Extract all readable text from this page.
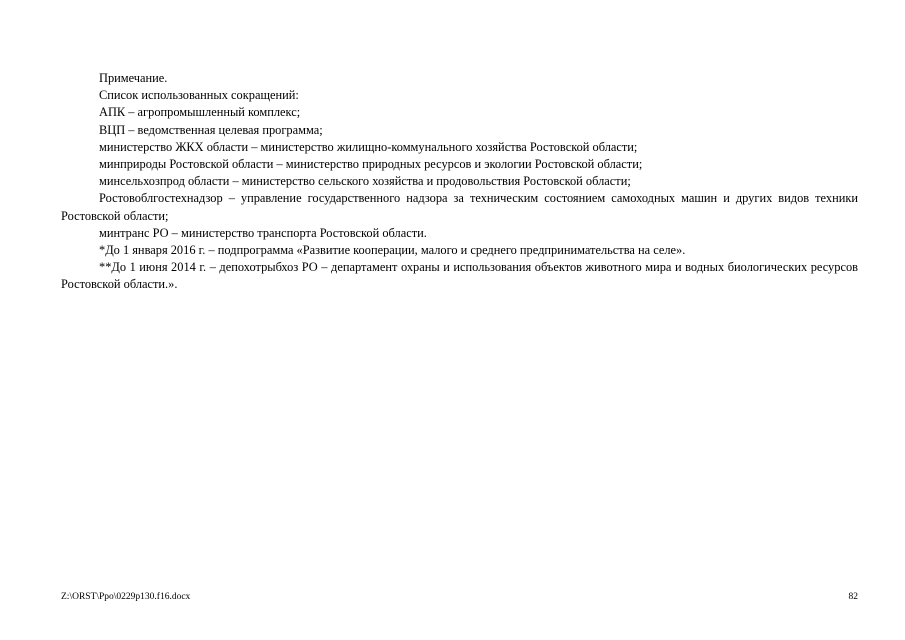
Примечание.

Список использованных сокращений:

АПК – агропромышленный комплекс;

ВЦП – ведомственная целевая программа;

министерство ЖКХ области – министерство жилищно-коммунального хозяйства Ростовской области;

минприроды Ростовской области – министерство природных ресурсов и экологии Ростовской области;

минсельхозпрод области – министерство сельского хозяйства и продовольствия Ростовской области;

Ростовоблгостехнадзор – управление государственного надзора за техническим состоянием самоходных машин и других видов техники Ростовской области;

минтранс РО – министерство транспорта Ростовской области.

*До 1 января 2016 г. – подпрограмма «Развитие кооперации, малого и среднего предпринимательства на селе».

**До 1 июня 2014 г. – депохотрыбхоз РО – департамент охраны и использования объектов животного мира и водных биологических ресурсов Ростовской области.».

Z:\ORST\Ppo\0229p130.f16.docx	82
